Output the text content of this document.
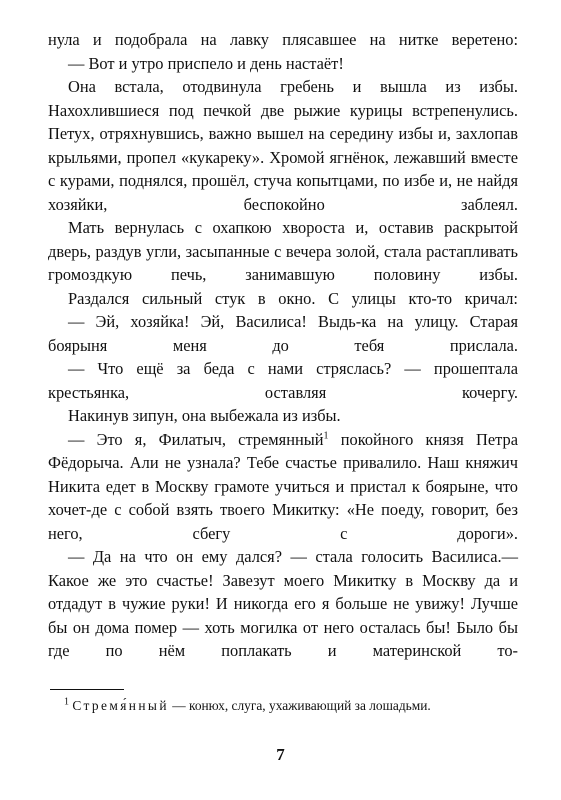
нула и подобрала на лавку плясавшее на нитке веретено:

— Вот и утро приспело и день настаёт!

Она встала, отодвинула гребень и вышла из избы. Нахохлившиеся под печкой две рыжие курицы встрепенулись. Петух, отряхнувшись, важно вышел на середину избы и, захлопав крыльями, пропел «кукареку». Хромой ягнёнок, лежавший вместе с курами, поднялся, прошёл, стуча копытцами, по избе и, не найдя хозяйки, беспокойно заблеял.

Мать вернулась с охапкою хвороста и, оставив раскрытой дверь, раздув угли, засыпанные с вечера золой, стала растапливать громоздкую печь, занимавшую половину избы.

Раздался сильный стук в окно. С улицы кто-то кричал:

— Эй, хозяйка! Эй, Василиса! Выдь-ка на улицу. Старая боярыня меня до тебя прислала.

— Что ещё за беда с нами стряслась? — прошептала крестьянка, оставляя кочергу.

Накинув зипун, она выбежала из избы.

— Это я, Филатыч, стремянный$^1$ покойного князя Петра Фёдорыча. Али не узнала? Тебе счастье привалило. Наш княжич Никита едет в Москву грамоте учиться и пристал к боярыне, что хочет-де с собой взять твоего Микитку: «Не поеду, говорит, без него, сбегу с дороги».

— Да на что он ему дался? — стала голосить Василиса.— Какое же это счастье! Завезут моего Микитку в Москву да и отдадут в чужие руки! И никогда его я больше не увижу! Лучше бы он дома помер — хоть могилка от него осталась бы! Было бы где по нём поплакать и материнской то-

$^1$ Стремя́нный — конюх, слуга, ухаживающий за лошадьми.
7
